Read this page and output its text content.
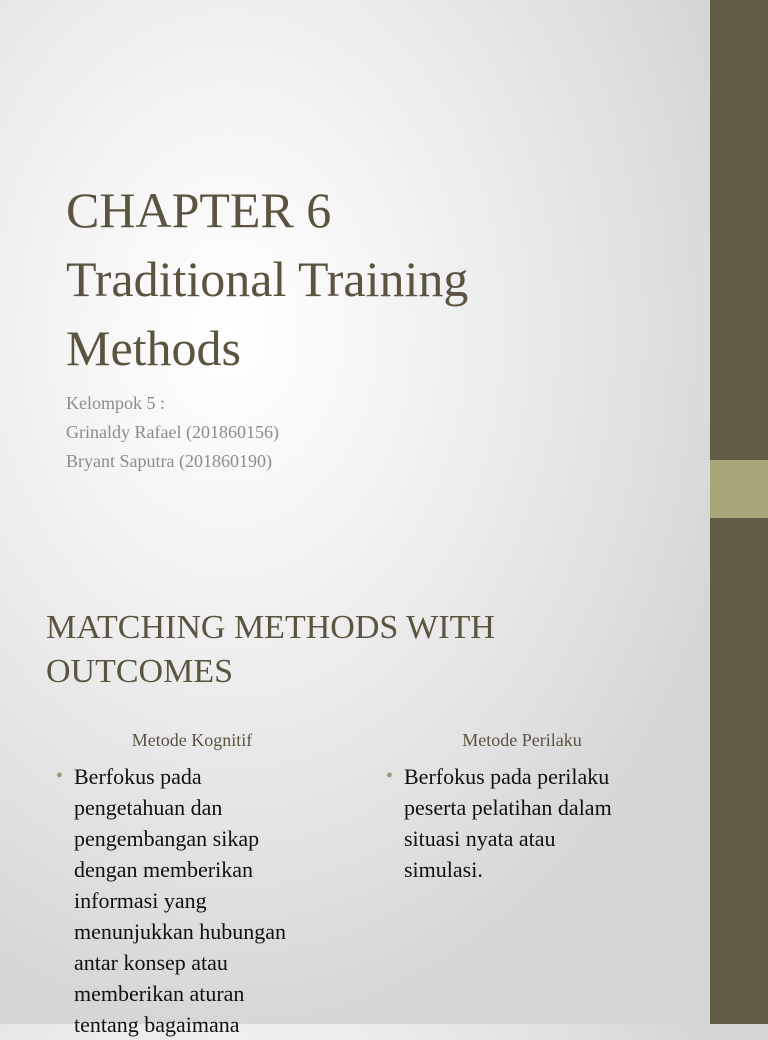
CHAPTER 6
Traditional Training
Methods
Kelompok 5 :
Grinaldy Rafael (201860156)
Bryant Saputra (201860190)
MATCHING METHODS WITH
OUTCOMES
Metode Kognitif	Metode Perilaku
• Berfokus pada
pengetahuan dan
pengembangan sikap
dengan memberikan
informasi yang
menunjukkan hubungan
antar konsep atau
memberikan aturan
tentang bagaimana
• Berfokus pada perilaku
peserta pelatihan dalam
situasi nyata atau
simulasi.
